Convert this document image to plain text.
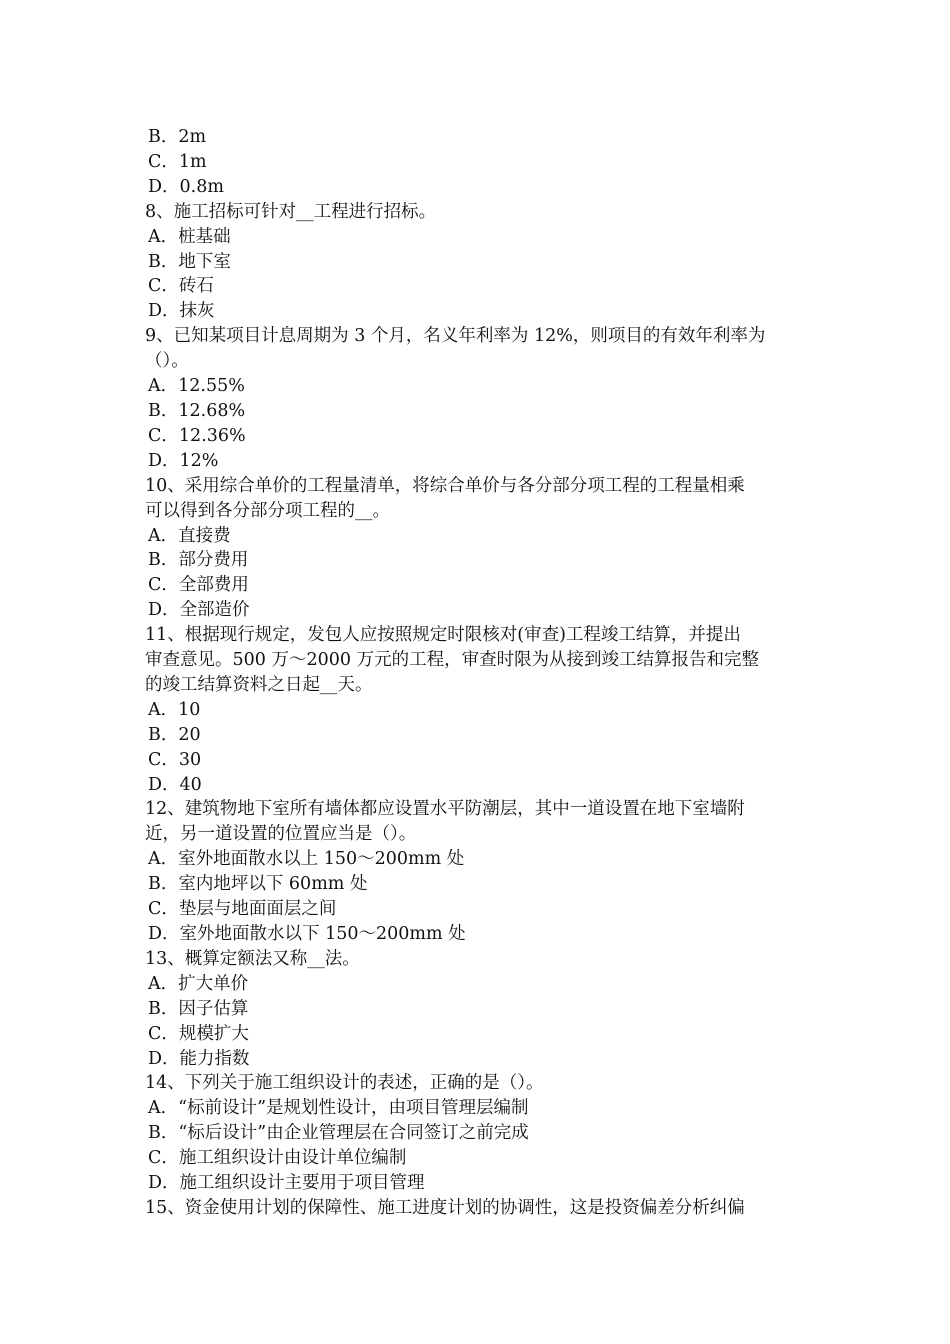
B．2m
C．1m
D．0.8m
8、施工招标可针对__工程进行招标。
A．桩基础
B．地下室
C．砖石
D．抹灰
9、已知某项目计息周期为 3 个月，名义年利率为 12%，则项目的有效年利率为
（）。
A．12.55%
B．12.68%
C．12.36%
D．12%
10、采用综合单价的工程量清单，将综合单价与各分部分项工程的工程量相乘
可以得到各分部分项工程的__。
A．直接费
B．部分费用
C．全部费用
D．全部造价
11、根据现行规定，发包人应按照规定时限核对(审查)工程竣工结算，并提出
审查意见。500 万～2000 万元的工程，审查时限为从接到竣工结算报告和完整
的竣工结算资料之日起__天。
A．10
B．20
C．30
D．40
12、建筑物地下室所有墙体都应设置水平防潮层，其中一道设置在地下室墙附
近，另一道设置的位置应当是（）。
A．室外地面散水以上 150～200mm 处
B．室内地坪以下 60mm 处
C．垫层与地面面层之间
D．室外地面散水以下 150～200mm 处
13、概算定额法又称__法。
A．扩大单价
B．因子估算
C．规模扩大
D．能力指数
14、下列关于施工组织设计的表述，正确的是（）。
A．“标前设计”是规划性设计，由项目管理层编制
B．“标后设计”由企业管理层在合同签订之前完成
C．施工组织设计由设计单位编制
D．施工组织设计主要用于项目管理
15、资金使用计划的保障性、施工进度计划的协调性，这是投资偏差分析纠偏
